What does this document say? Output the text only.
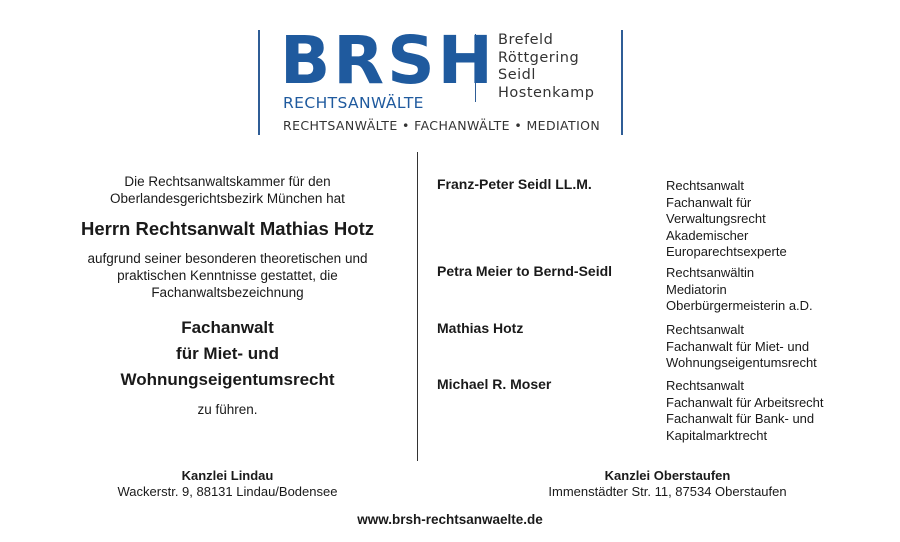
BRSH
RECHTSANWÄLTE
Brefeld
Röttgering
Seidl
Hostenkamp
RECHTSANWÄLTE • FACHANWÄLTE • MEDIATION
Die Rechtsanwaltskammer für den
Oberlandesgerichtsbezirk München hat
Herrn Rechtsanwalt Mathias Hotz
aufgrund seiner besonderen theoretischen und
praktischen Kenntnisse gestattet, die
Fachanwaltsbezeichnung
Fachanwalt
für Miet- und
Wohnungseigentumsrecht
zu führen.
Franz-Peter Seidl LL.M.	Rechtsanwalt
Fachanwalt für
Verwaltungsrecht
Akademischer
Europarechtsexperte
Petra Meier to Bernd-Seidl	Rechtsanwältin
Mediatorin
Oberbürgermeisterin a.D.
Mathias Hotz	Rechtsanwalt
Fachanwalt für Miet- und
Wohnungseigentumsrecht
Michael R. Moser	Rechtsanwalt
Fachanwalt für Arbeitsrecht
Fachanwalt für Bank- und
Kapitalmarktrecht
Kanzlei Lindau
Wackerstr. 9, 88131 Lindau/Bodensee
Kanzlei Oberstaufen
Immenstädter Str. 11, 87534 Oberstaufen
www.brsh-rechtsanwaelte.de
